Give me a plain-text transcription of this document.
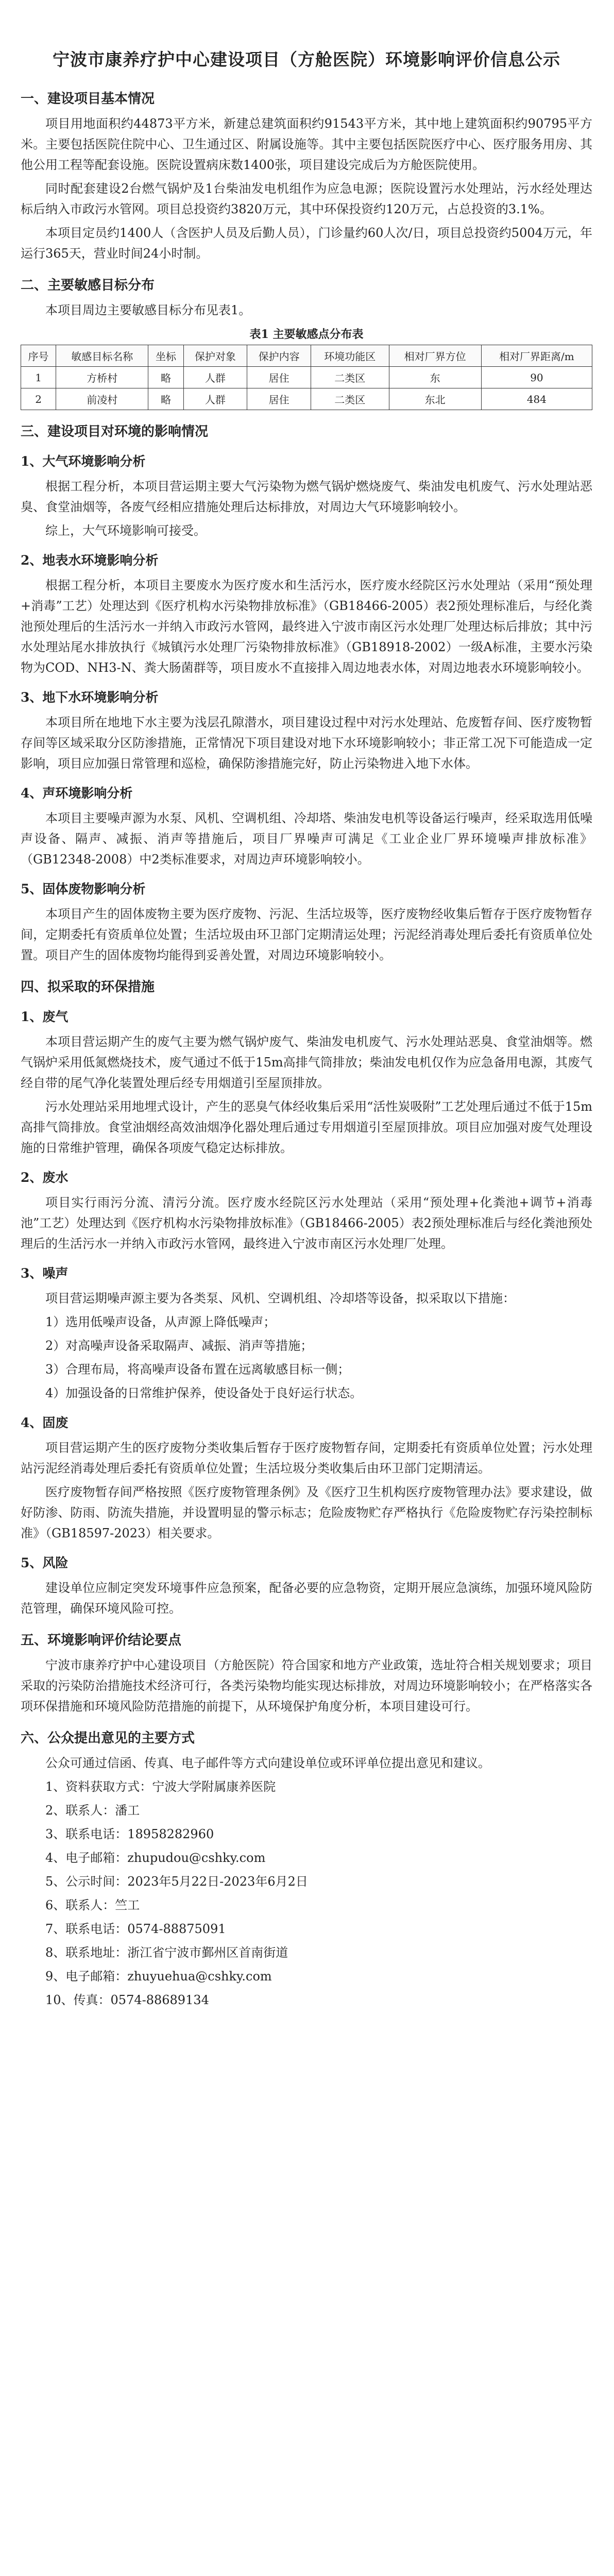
宁波市康养疗护中心建设项目（方舱医院）环境影响评价信息公示
一、建设项目基本情况
项目用地面积约44873平方米，新建总建筑面积约91543平方米，其中地上建筑面积约90795平方米。主要包括医院住院中心、卫生通过区、附属设施等。其中主要包括医院医疗中心、医疗服务用房、其他公用工程等配套设施。医院设置病床数1400张，项目建设完成后为方舱医院使用。
同时配套建设2台燃气锅炉及1台柴油发电机组作为应急电源；医院设置污水处理站，污水经处理达标后纳入市政污水管网。项目总投资约3820万元，其中环保投资约120万元，占总投资的3.1%。
本项目定员约1400人（含医护人员及后勤人员），门诊量约60人次/日，项目总投资约5004万元，年运行365天，营业时间24小时制。
二、主要敏感目标分布
本项目周边主要敏感目标分布见表1。
表1 主要敏感点分布表
序号	敏感目标名称	坐标	保护对象	保护内容	环境功能区	相对厂界方位	相对厂界距离/m
1	方桥村	略	人群	居住	二类区	东	90
2	前凌村	略	人群	居住	二类区	东北	484
三、建设项目对环境的影响情况
1、大气环境影响分析
根据工程分析，本项目营运期主要大气污染物为燃气锅炉燃烧废气、柴油发电机废气、污水处理站恶臭、食堂油烟等，各废气经相应措施处理后达标排放，对周边大气环境影响较小。
综上，大气环境影响可接受。
2、地表水环境影响分析
根据工程分析，本项目主要废水为医疗废水和生活污水，医疗废水经院区污水处理站（采用“预处理+消毒”工艺）处理达到《医疗机构水污染物排放标准》（GB18466-2005）表2预处理标准后，与经化粪池预处理后的生活污水一并纳入市政污水管网，最终进入宁波市南区污水处理厂处理达标后排放；其中污水处理站尾水排放执行《城镇污水处理厂污染物排放标准》（GB18918-2002）一级A标准，主要水污染物为COD、NH3-N、粪大肠菌群等，项目废水不直接排入周边地表水体，对周边地表水环境影响较小。
3、地下水环境影响分析
本项目所在地地下水主要为浅层孔隙潜水，项目建设过程中对污水处理站、危废暂存间、医疗废物暂存间等区域采取分区防渗措施，正常情况下项目建设对地下水环境影响较小；非正常工况下可能造成一定影响，项目应加强日常管理和巡检，确保防渗措施完好，防止污染物进入地下水体。
4、声环境影响分析
本项目主要噪声源为水泵、风机、空调机组、冷却塔、柴油发电机等设备运行噪声，经采取选用低噪声设备、隔声、减振、消声等措施后，项目厂界噪声可满足《工业企业厂界环境噪声排放标准》（GB12348-2008）中2类标准要求，对周边声环境影响较小。
5、固体废物影响分析
本项目产生的固体废物主要为医疗废物、污泥、生活垃圾等，医疗废物经收集后暂存于医疗废物暂存间，定期委托有资质单位处置；生活垃圾由环卫部门定期清运处理；污泥经消毒处理后委托有资质单位处置。项目产生的固体废物均能得到妥善处置，对周边环境影响较小。
四、拟采取的环保措施
1、废气
本项目营运期产生的废气主要为燃气锅炉废气、柴油发电机废气、污水处理站恶臭、食堂油烟等。燃气锅炉采用低氮燃烧技术，废气通过不低于15m高排气筒排放；柴油发电机仅作为应急备用电源，其废气经自带的尾气净化装置处理后经专用烟道引至屋顶排放。
污水处理站采用地埋式设计，产生的恶臭气体经收集后采用“活性炭吸附”工艺处理后通过不低于15m高排气筒排放。食堂油烟经高效油烟净化器处理后通过专用烟道引至屋顶排放。项目应加强对废气处理设施的日常维护管理，确保各项废气稳定达标排放。
2、废水
项目实行雨污分流、清污分流。医疗废水经院区污水处理站（采用“预处理+化粪池+调节+消毒池”工艺）处理达到《医疗机构水污染物排放标准》（GB18466-2005）表2预处理标准后与经化粪池预处理后的生活污水一并纳入市政污水管网，最终进入宁波市南区污水处理厂处理。
3、噪声
项目营运期噪声源主要为各类泵、风机、空调机组、冷却塔等设备，拟采取以下措施：
1）选用低噪声设备，从声源上降低噪声；
2）对高噪声设备采取隔声、减振、消声等措施；
3）合理布局，将高噪声设备布置在远离敏感目标一侧；
4）加强设备的日常维护保养，使设备处于良好运行状态。
4、固废
项目营运期产生的医疗废物分类收集后暂存于医疗废物暂存间，定期委托有资质单位处置；污水处理站污泥经消毒处理后委托有资质单位处置；生活垃圾分类收集后由环卫部门定期清运。
医疗废物暂存间严格按照《医疗废物管理条例》及《医疗卫生机构医疗废物管理办法》要求建设，做好防渗、防雨、防流失措施，并设置明显的警示标志；危险废物贮存严格执行《危险废物贮存污染控制标准》（GB18597-2023）相关要求。
5、风险
建设单位应制定突发环境事件应急预案，配备必要的应急物资，定期开展应急演练，加强环境风险防范管理，确保环境风险可控。
五、环境影响评价结论要点
宁波市康养疗护中心建设项目（方舱医院）符合国家和地方产业政策，选址符合相关规划要求；项目采取的污染防治措施技术经济可行，各类污染物均能实现达标排放，对周边环境影响较小；在严格落实各项环保措施和环境风险防范措施的前提下，从环境保护角度分析，本项目建设可行。
六、公众提出意见的主要方式
公众可通过信函、传真、电子邮件等方式向建设单位或环评单位提出意见和建议。
1、资料获取方式：宁波大学附属康养医院
2、联系人：潘工
3、联系电话：18958282960
4、电子邮箱：zhupudou@cshky.com
5、公示时间：2023年5月22日-2023年6月2日
6、联系人：竺工
7、联系电话：0574-88875091
8、联系地址：浙江省宁波市鄞州区首南街道
9、电子邮箱：zhuyuehua@cshky.com
10、传真：0574-88689134
